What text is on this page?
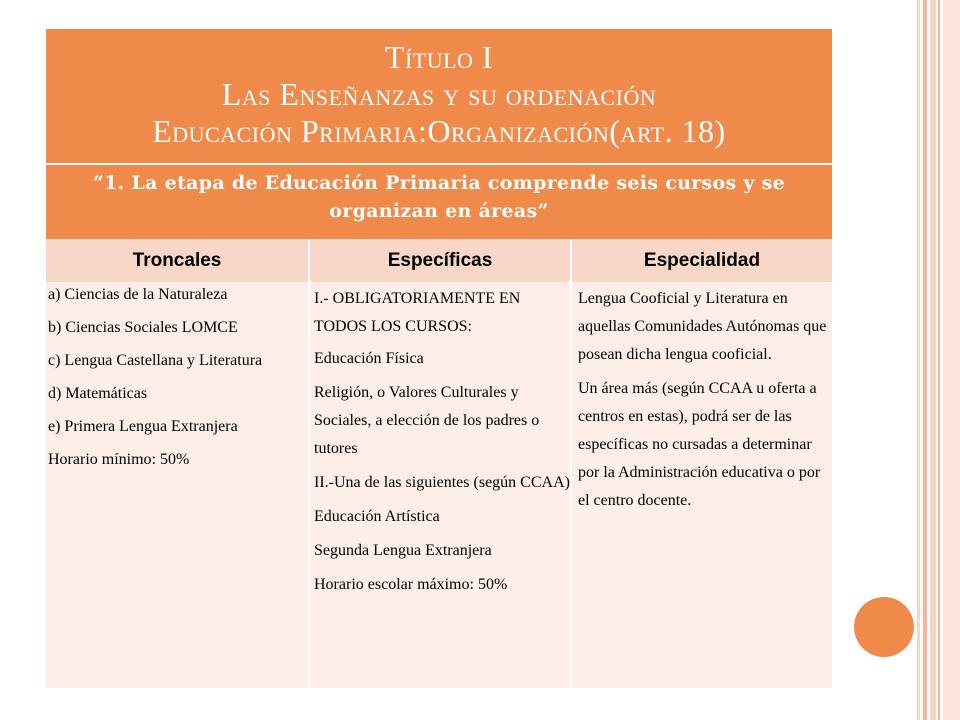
Título I
Las Enseñanzas y su ordenación
Educación Primaria:Organización(art. 18)
“1. La etapa de Educación Primaria comprende seis cursos y se organizan en áreas”
Troncales	Específicas	Especialidad

a) Ciencias de la Naturaleza

b) Ciencias Sociales LOMCE

c) Lengua Castellana y Literatura

d) Matemáticas

e) Primera Lengua Extranjera

Horario mínimo: 50%

I.- OBLIGATORIAMENTE EN TODOS LOS CURSOS:

Educación Física

Religión, o Valores Culturales y Sociales, a elección de los padres o tutores

II.-Una de las siguientes (según CCAA)

Educación Artística

Segunda Lengua Extranjera

Horario escolar máximo: 50%

Lengua Cooficial y Literatura en aquellas Comunidades Autónomas que posean dicha lengua cooficial.

Un área más (según CCAA u oferta a centros en estas), podrá ser de las específicas no cursadas a determinar por la Administración educativa o por el centro docente.
